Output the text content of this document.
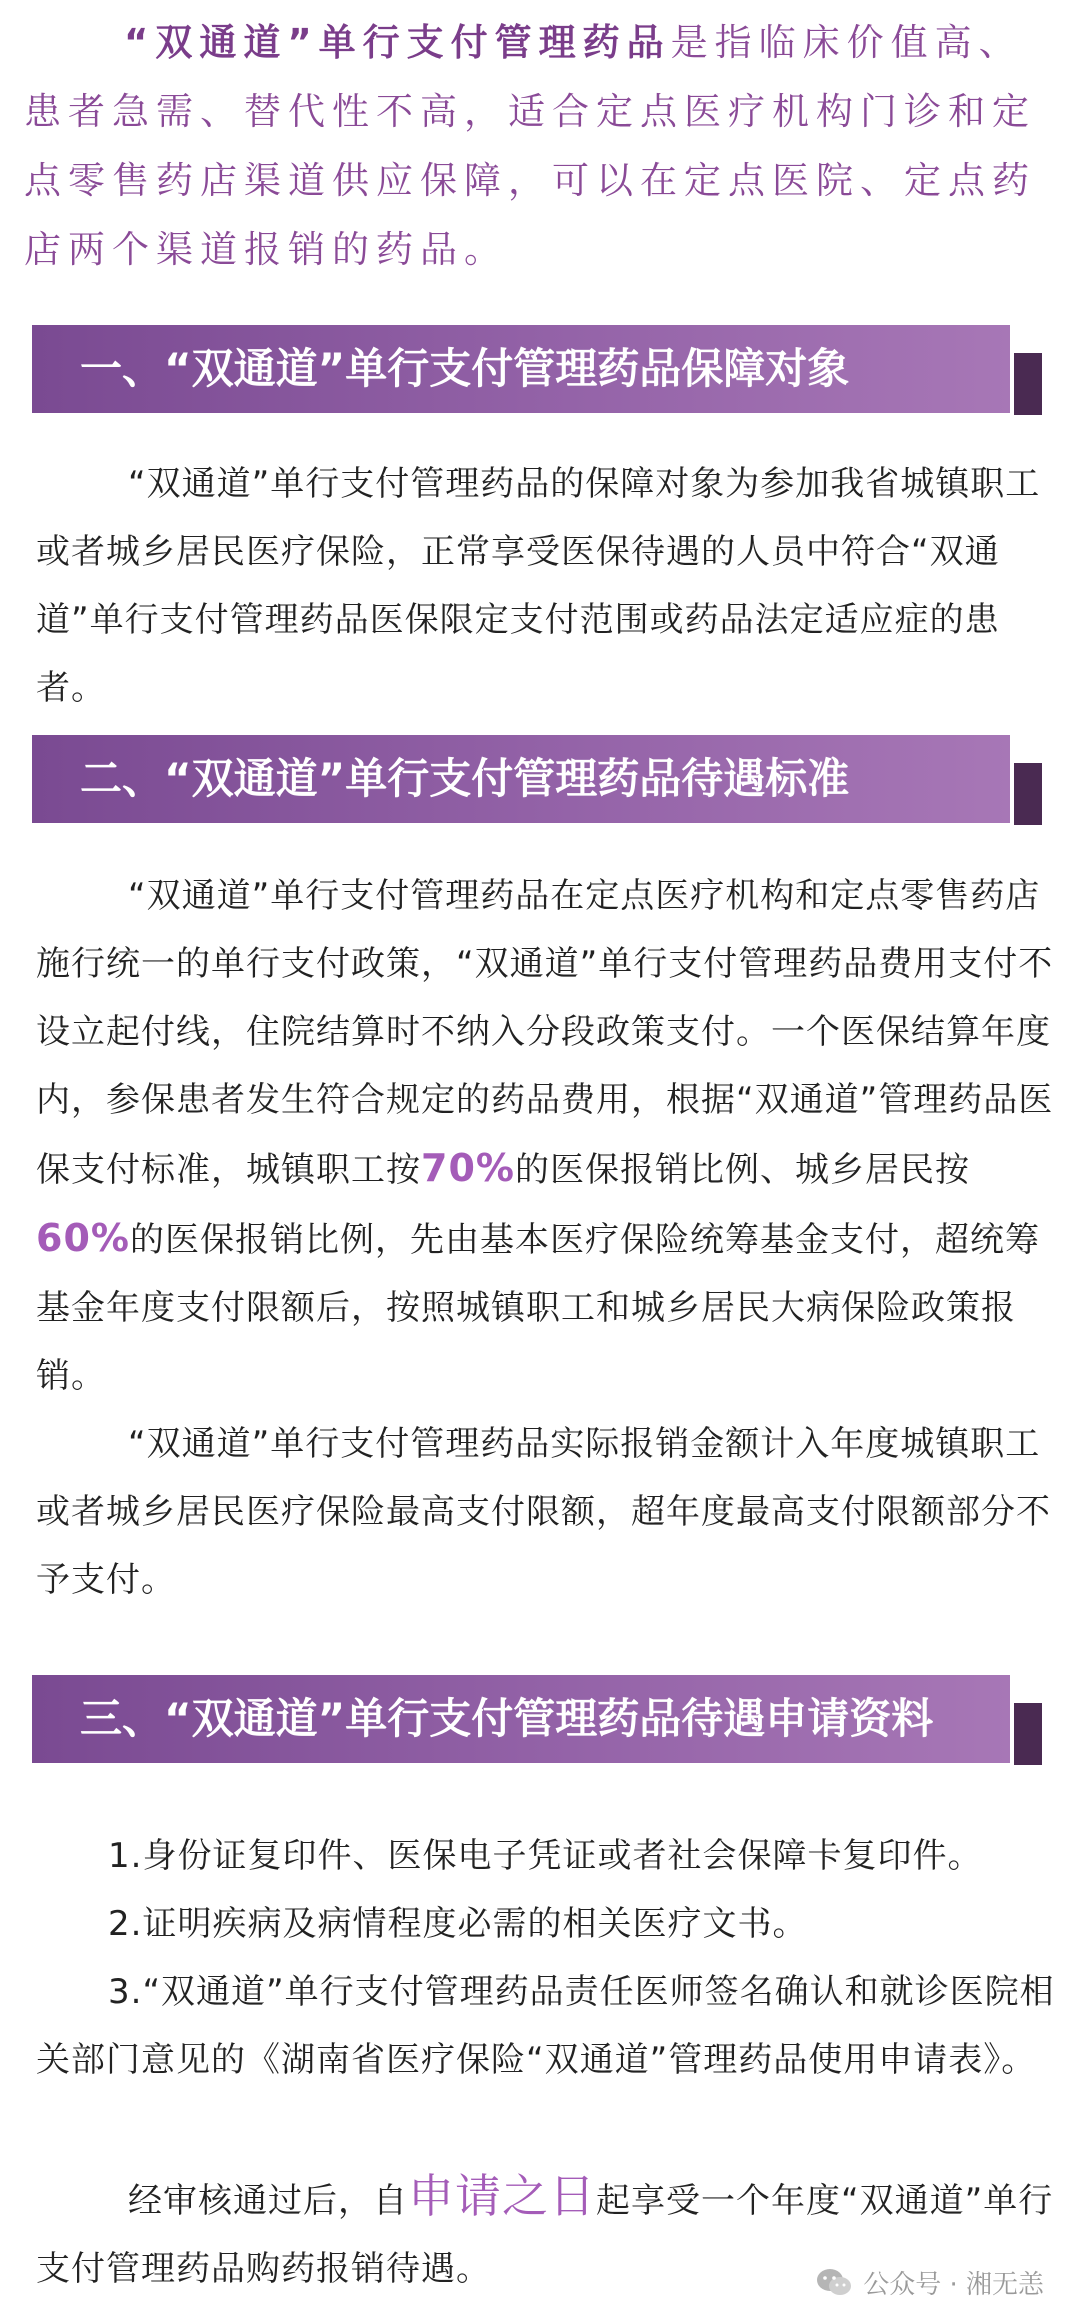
“双通道”单行支付管理药品是指临床价值高、患者急需、替代性不高，适合定点医疗机构门诊和定点零售药店渠道供应保障，可以在定点医院、定点药店两个渠道报销的药品。
一、“双通道”单行支付管理药品保障对象
“双通道”单行支付管理药品的保障对象为参加我省城镇职工或者城乡居民医疗保险，正常享受医保待遇的人员中符合“双通道”单行支付管理药品医保限定支付范围或药品法定适应症的患者。
二、“双通道”单行支付管理药品待遇标准
“双通道”单行支付管理药品在定点医疗机构和定点零售药店施行统一的单行支付政策，“双通道”单行支付管理药品费用支付不设立起付线，住院结算时不纳入分段政策支付。一个医保结算年度内，参保患者发生符合规定的药品费用，根据“双通道”管理药品医保支付标准，城镇职工按70%的医保报销比例、城乡居民按60%的医保报销比例，先由基本医疗保险统筹基金支付，超统筹基金年度支付限额后，按照城镇职工和城乡居民大病保险政策报销。
“双通道”单行支付管理药品实际报销金额计入年度城镇职工或者城乡居民医疗保险最高支付限额，超年度最高支付限额部分不予支付。
三、“双通道”单行支付管理药品待遇申请资料
1.身份证复印件、医保电子凭证或者社会保障卡复印件。
2.证明疾病及病情程度必需的相关医疗文书。
3.“双通道”单行支付管理药品责任医师签名确认和就诊医院相关部门意见的《湖南省医疗保险“双通道”管理药品使用申请表》。
经审核通过后，自申请之日起享受一个年度“双通道”单行支付管理药品购药报销待遇。	公众号 · 湘无恙
